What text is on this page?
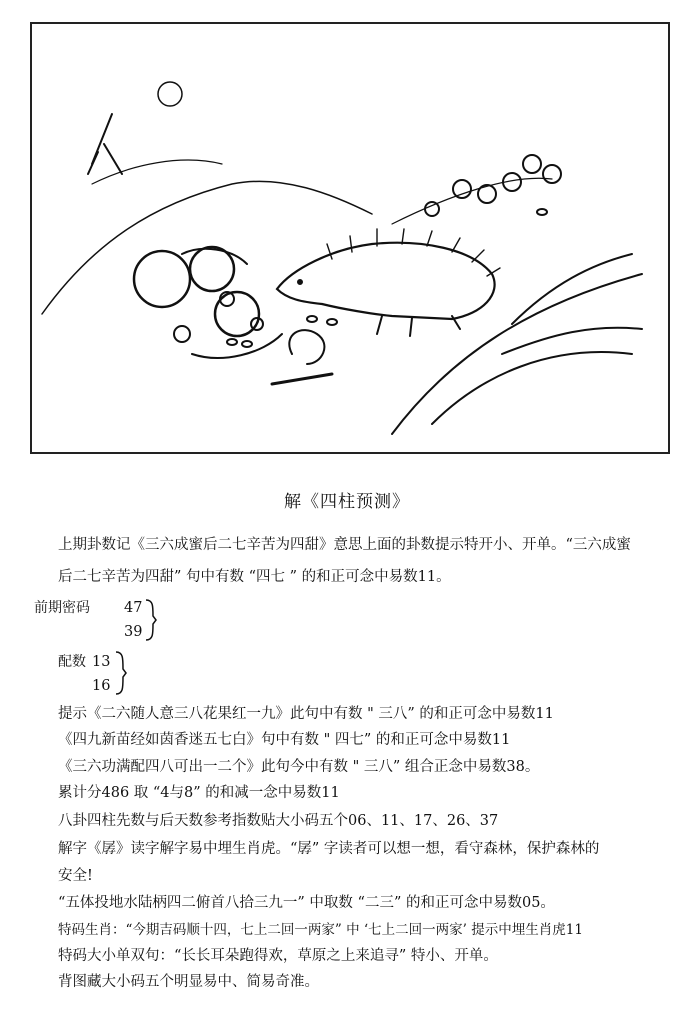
解《四柱预测》
上期卦数记《三六成蜜后二七辛苦为四甜》意思上面的卦数提示特开小、开单。“三六成蜜
后二七辛苦为四甜” 句中有数 “四七 ” 的和正可念中易数11。
前期密码 47
39
配数 13
16
提示《二六随人意三八花果红一九》此句中有数 " 三八” 的和正可念中易数11
《四九新苗经如茵香迷五七白》句中有数 " 四七” 的和正可念中易数11
《三六功满配四八可出一二个》此句今中有数 " 三八” 组合正念中易数38。
累计分486 取 “4与8” 的和减一念中易数11
八卦四柱先数与后天数参考指数贴大小码五个06、11、17、26、37
解字《孱》读字解字易中埋生肖虎。“孱” 字读者可以想一想，看守森林，保护森林的
安全!
“五体投地水陆柄四二俯首八拾三九一” 中取数 “二三” 的和正可念中易数05。
特码生肖：“今期吉码顺十四，七上二回一两家” 中 ‘七上二回一两家’ 提示中埋生肖虎11
特码大小单双句：“长长耳朵跑得欢，草原之上来追寻” 特小、开单。
背图藏大小码五个明显易中、简易奇准。
